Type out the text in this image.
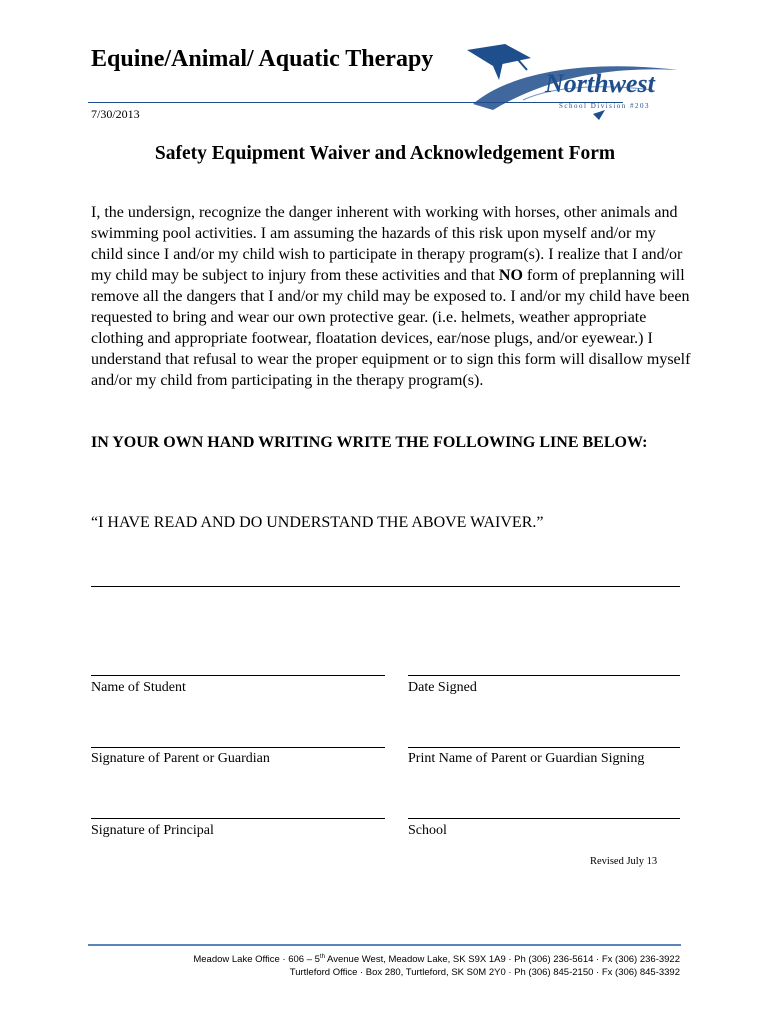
Equine/Animal/ Aquatic Therapy
7/30/2013
Northwest
School Division #203
Safety Equipment Waiver and Acknowledgement Form

I, the undersign, recognize the danger inherent with working with horses, other animals and swimming pool activities. I am assuming the hazards of this risk upon myself and/or my child since I and/or my child wish to participate in therapy program(s). I realize that I and/or my child may be subject to injury from these activities and that NO form of preplanning will remove all the dangers that I and/or my child may be exposed to. I and/or my child have been requested to bring and wear our own protective gear. (i.e. helmets, weather appropriate clothing and appropriate footwear, floatation devices, ear/nose plugs, and/or eyewear.) I understand that refusal to wear the proper equipment or to sign this form will disallow myself and/or my child from participating in the therapy program(s).

IN YOUR OWN HAND WRITING WRITE THE FOLLOWING LINE BELOW:
“I HAVE READ AND DO UNDERSTAND THE ABOVE WAIVER.”
Name of Student	Date Signed
Signature of Parent or Guardian	Print Name of Parent or Guardian Signing
Signature of Principal	School
Revised July 13
Meadow Lake Office · 606 – 5th Avenue West, Meadow Lake, SK S9X 1A9 · Ph (306) 236-5614 · Fx (306) 236-3922
Turtleford Office · Box 280, Turtleford, SK S0M 2Y0 · Ph (306) 845-2150 · Fx (306) 845-3392
